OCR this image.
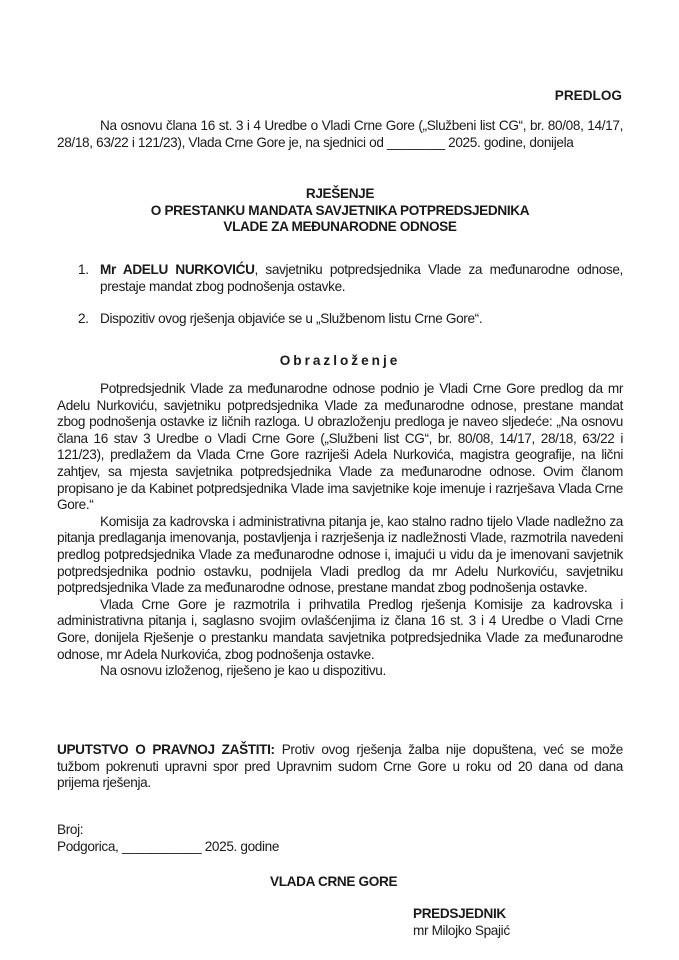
PREDLOG
Na osnovu člana 16 st. 3 i 4 Uredbe o Vladi Crne Gore („Službeni list CG“, br. 80/08, 14/17, 28/18, 63/22 i 121/23), Vlada Crne Gore je, na sjednici od ________ 2025. godine, donijela
RJEŠENJE
O PRESTANKU MANDATA SAVJETNIKA POTPREDSJEDNIKA
VLADE ZA MEĐUNARODNE ODNOSE
1. Mr ADELU NURKOVIĆU, savjetniku potpredsjednika Vlade za međunarodne odnose, prestaje mandat zbog podnošenja ostavke.
2. Dispozitiv ovog rješenja objaviće se u „Službenom listu Crne Gore“.
Obrazloženje

Potpredsjednik Vlade za međunarodne odnose podnio je Vladi Crne Gore predlog da mr Adelu Nurkoviću, savjetniku potpredsjednika Vlade za međunarodne odnose, prestane mandat zbog podnošenja ostavke iz ličnih razloga. U obrazloženju predloga je naveo sljedeće: „Na osnovu člana 16 stav 3 Uredbe o Vladi Crne Gore („Službeni list CG“, br. 80/08, 14/17, 28/18, 63/22 i 121/23), predlažem da Vlada Crne Gore razriješi Adela Nurkovića, magistra geografije, na lični zahtjev, sa mjesta savjetnika potpredsjednika Vlade za međunarodne odnose. Ovim članom propisano je da Kabinet potpredsjednika Vlade ima savjetnike koje imenuje i razrješava Vlada Crne Gore.“

Komisija za kadrovska i administrativna pitanja je, kao stalno radno tijelo Vlade nadležno za pitanja predlaganja imenovanja, postavljenja i razrješenja iz nadležnosti Vlade, razmotrila navedeni predlog potpredsjednika Vlade za međunarodne odnose i, imajući u vidu da je imenovani savjetnik potpredsjednika podnio ostavku, podnijela Vladi predlog da mr Adelu Nurkoviću, savjetniku potpredsjednika Vlade za međunarodne odnose, prestane mandat zbog podnošenja ostavke.

Vlada Crne Gore je razmotrila i prihvatila Predlog rješenja Komisije za kadrovska i administrativna pitanja i, saglasno svojim ovlašćenjima iz člana 16 st. 3 i 4 Uredbe o Vladi Crne Gore, donijela Rješenje o prestanku mandata savjetnika potpredsjednika Vlade za međunarodne odnose, mr Adela Nurkovića, zbog podnošenja ostavke.

Na osnovu izloženog, riješeno je kao u dispozitivu.

UPUTSTVO O PRAVNOJ ZAŠTITI: Protiv ovog rješenja žalba nije dopuštena, već se može tužbom pokrenuti upravni spor pred Upravnim sudom Crne Gore u roku od 20 dana od dana prijema rješenja.
Broj:
Podgorica, ___________ 2025. godine
VLADA CRNE GORE
PREDSJEDNIK
mr Milojko Spajić
